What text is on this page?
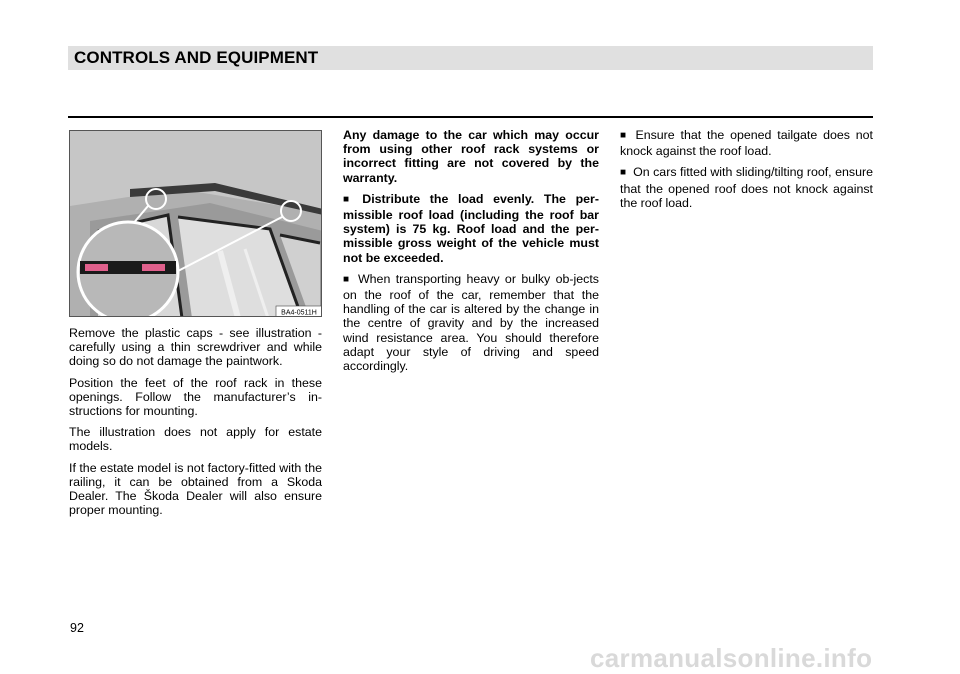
CONTROLS AND EQUIPMENT
BA4-0511H

Remove the plastic caps - see illustration - carefully using a thin screwdriver and while doing so do not damage the paintwork.

Position the feet of the roof rack in these openings. Follow the manufacturer’s in-structions for mounting.

The illustration does not apply for estate models.

If the estate model is not factory-fitted with the railing, it can be obtained from a Skoda Dealer. The Škoda Dealer will also ensure proper mounting.

Any damage to the car which may occur from using other roof rack systems or incorrect fitting are not covered by the warranty.

■ Distribute the load evenly. The per-missible roof load (including the roof bar system) is 75 kg. Roof load and the per-missible gross weight of the vehicle must not be exceeded.

■ When transporting heavy or bulky ob-jects on the roof of the car, remember that the handling of the car is altered by the change in the centre of gravity and by the increased wind resistance area. You should therefore adapt your style of driving and speed accordingly.

■ Ensure that the opened tailgate does not knock against the roof load.

■ On cars fitted with sliding/tilting roof, ensure that the opened roof does not knock against the roof load.

92
carmanualsonline.info
